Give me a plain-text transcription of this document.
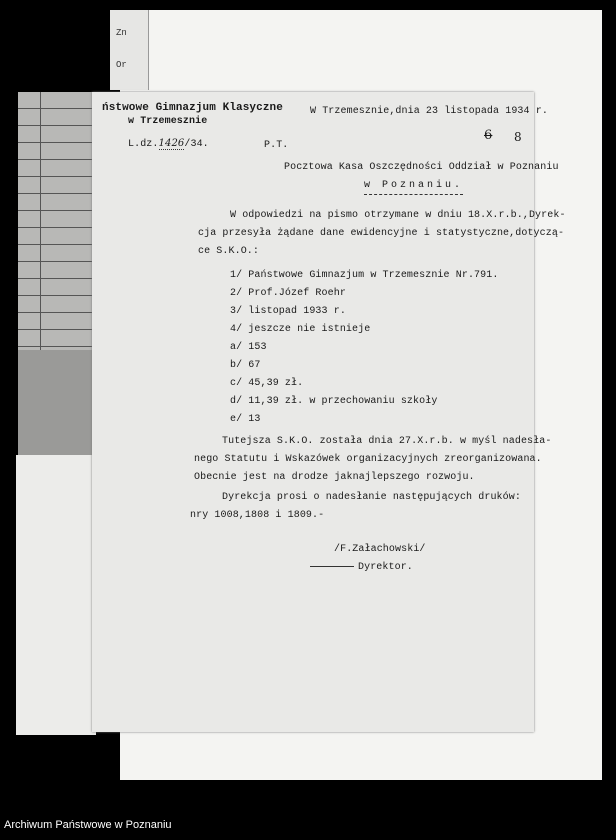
Zn
Or
ństwowe Gimnazjum Klasyczne
w Trzemesznie
W Trzemesznie,dnia 23 listopada 1934 r.
6 8
L.dz.1426/34.	P.T.
Pocztowa Kasa Oszczędności Oddział w Poznaniu
w Poznaniu.
W odpowiedzi na pismo otrzymane w dniu 18.X.r.b.,Dyrek-
cja przesyła żądane dane ewidencyjne i statystyczne,dotyczą-
ce S.K.O.:
1/ Państwowe Gimnazjum w Trzemesznie Nr.791.
2/ Prof.Józef Roehr
3/ listopad 1933 r.
4/ jeszcze nie istnieje
a/ 153
b/ 67
c/ 45,39 zł.
d/ 11,39 zł. w przechowaniu szkoły
e/ 13
Tutejsza S.K.O. została dnia 27.X.r.b. w myśl nadesła-
nego Statutu i Wskazówek organizacyjnych zreorganizowana.
Obecnie jest na drodze jaknajlepszego rozwoju.
Dyrekcja prosi o nadesłanie następujących druków:
nry 1008,1808 i 1809.-
/F.Załachowski/
Dyrektor.
Archiwum Państwowe w Poznaniu
